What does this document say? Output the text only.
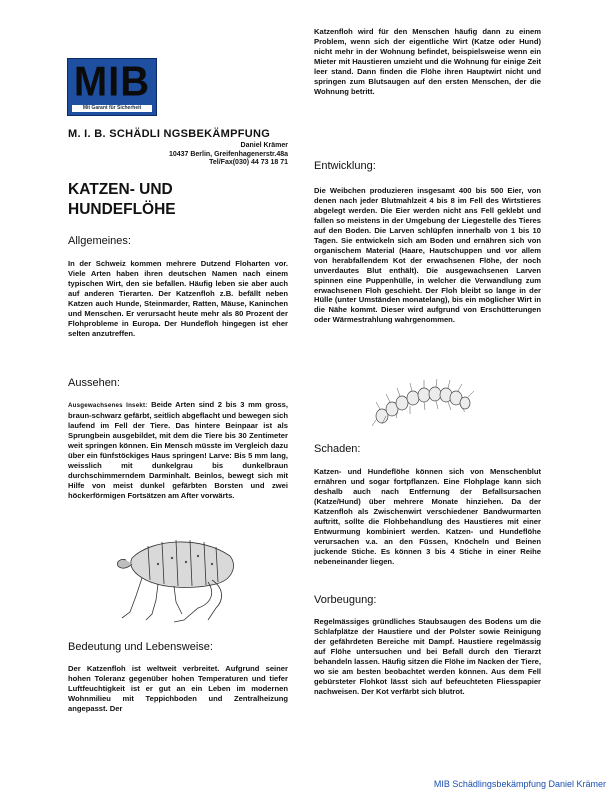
MIB
Mit Garant für Sicherheit
M. I. B. SCHÄDLI NGSBEKÄMPFUNG
Daniel Krämer
10437 Berlin, Greifenhagenerstr.48a
Tel/Fax(030) 44 73 18 71
KATZEN- UND
HUNDEFLÖHE
Allgemeines:
In der Schweiz kommen mehrere Dutzend Floharten vor. Viele Arten haben ihren deutschen Namen nach einem typischen Wirt, den sie befallen. Häufig leben sie aber auch auf anderen Tierarten. Der Katzenfloh z.B. befällt neben Katzen auch Hunde, Steinmarder, Ratten, Mäuse, Kaninchen und Menschen. Er verursacht heute mehr als 80 Prozent der Flohprobleme in Europa. Der Hundefloh hingegen ist eher selten anzutreffen.
Aussehen:
Ausgewachsenes Insekt: Beide Arten sind 2 bis 3 mm gross, braun-schwarz gefärbt, seitlich abgeflacht und bewegen sich laufend im Fell der Tiere. Das hintere Beinpaar ist als Sprungbein ausgebildet, mit dem die Tiere bis 30 Zentimeter weit springen können. Ein Mensch müsste im Vergleich dazu über ein fünfstöckiges Haus springen! Larve: Bis 5 mm lang, weisslich mit dunkelgrau bis dunkelbraun durchschimmerndem Darminhalt. Beinlos, bewegt sich mit Hilfe von meist dunkel gefärbten Borsten und zwei höckerförmigen Fortsätzen am After vorwärts.
Bedeutung und Lebensweise:
Der Katzenfloh ist weltweit verbreitet. Aufgrund seiner hohen Toleranz gegenüber hohen Temperaturen und tiefer Luftfeuchtigkeit ist er gut an ein Leben im modernen Wohnmilieu mit Teppichboden und Zentralheizung angepasst. Der
Katzenfloh wird für den Menschen häufig dann zu einem Problem, wenn sich der eigentliche Wirt (Katze oder Hund) nicht mehr in der Wohnung befindet, beispielsweise wenn ein Mieter mit Haustieren umzieht und die Wohnung für einige Zeit leer stand. Dann finden die Flöhe ihren Hauptwirt nicht und springen zum Blutsaugen auf den ersten Menschen, der die Wohnung betritt.
Entwicklung:
Die Weibchen produzieren insgesamt 400 bis 500 Eier, von denen nach jeder Blutmahlzeit 4 bis 8 im Fell des Wirtstieres abgelegt werden. Die Eier werden nicht ans Fell geklebt und fallen so meistens in der Umgebung der Liegestelle des Tieres auf den Boden. Die Larven schlüpfen innerhalb von 1 bis 10 Tagen. Sie entwickeln sich am Boden und ernähren sich von organischem Material (Haare, Hautschuppen und vor allem von herabfallendem Kot der erwachsenen Flöhe, der noch unverdautes Blut enthält). Die ausgewachsenen Larven spinnen eine Puppenhülle, in welcher die Verwandlung zum erwachsenen Floh geschieht. Der Floh bleibt so lange in der Hülle (unter Umständen monatelang), bis ein möglicher Wirt in die Nähe kommt. Dieser wird aufgrund von Erschütterungen oder Wärmestrahlung wahrgenommen.
Schaden:
Katzen- und Hundeflöhe können sich von Menschenblut ernähren und sogar fortpflanzen. Eine Flohplage kann sich deshalb auch nach Entfernung der Befallsursachen (Katze/Hund) über mehrere Monate hinziehen. Da der Katzenfloh als Zwischenwirt verschiedener Bandwurmarten auftritt, sollte die Flohbehandlung des Haustieres mit einer Entwurmung kombiniert werden. Katzen- und Hundeflöhe verursachen v.a. an den Füssen, Knöcheln und Beinen juckende Stiche. Es können 3 bis 4 Stiche in einer Reihe nebeneinander liegen.
Vorbeugung:
Regelmässiges gründliches Staubsaugen des Bodens um die Schlafplätze der Haustiere und der Polster sowie Reinigung der gefährdeten Bereiche mit Dampf. Haustiere regelmässig auf Flöhe untersuchen und bei Befall durch den Tierarzt behandeln lassen. Häufig sitzen die Flöhe im Nacken der Tiere, wo sie am besten beobachtet werden können. Aus dem Fell gebürsteter Flohkot lässt sich auf befeuchteten Fliesspapier nachweisen. Der Kot verfärbt sich blutrot.
MIB Schädlingsbekämpfung Daniel Krämer
